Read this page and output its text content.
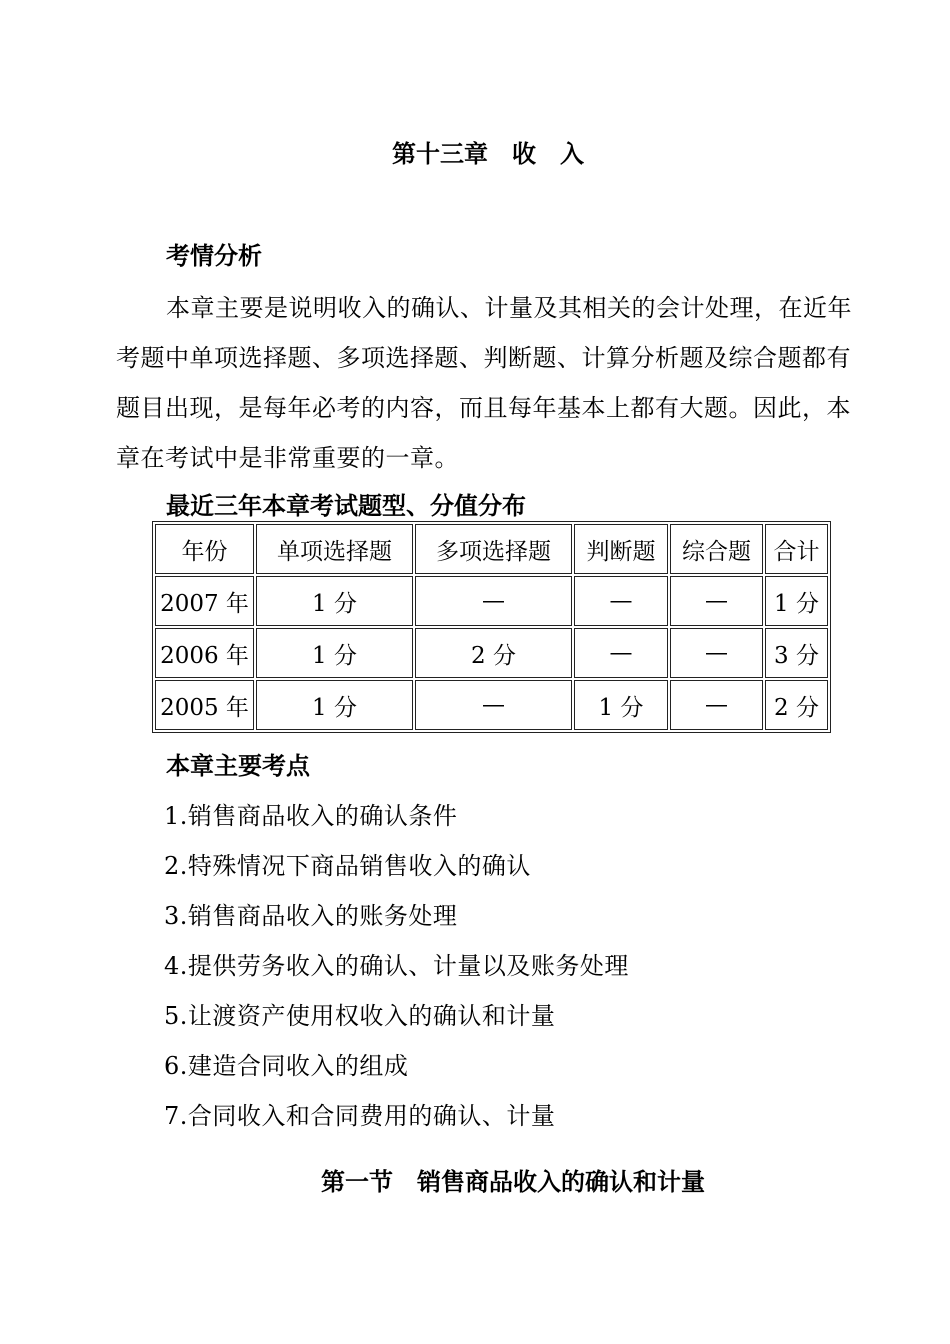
第十三章　收　入
考情分析
本章主要是说明收入的确认、计量及其相关的会计处理，在近年考题中单项选择题、多项选择题、判断题、计算分析题及综合题都有题目出现，是每年必考的内容，而且每年基本上都有大题。因此，本章在考试中是非常重要的一章。
最近三年本章考试题型、分值分布
年份	单项选择题	多项选择题	判断题	综合题	合计
2007 年	1 分	—	—	—	1 分
2006 年	1 分	2 分	—	—	3 分
2005 年	1 分	—	1 分	—	2 分
本章主要考点
1.销售商品收入的确认条件
2.特殊情况下商品销售收入的确认
3.销售商品收入的账务处理
4.提供劳务收入的确认、计量以及账务处理
5.让渡资产使用权收入的确认和计量
6.建造合同收入的组成
7.合同收入和合同费用的确认、计量
第一节　销售商品收入的确认和计量
